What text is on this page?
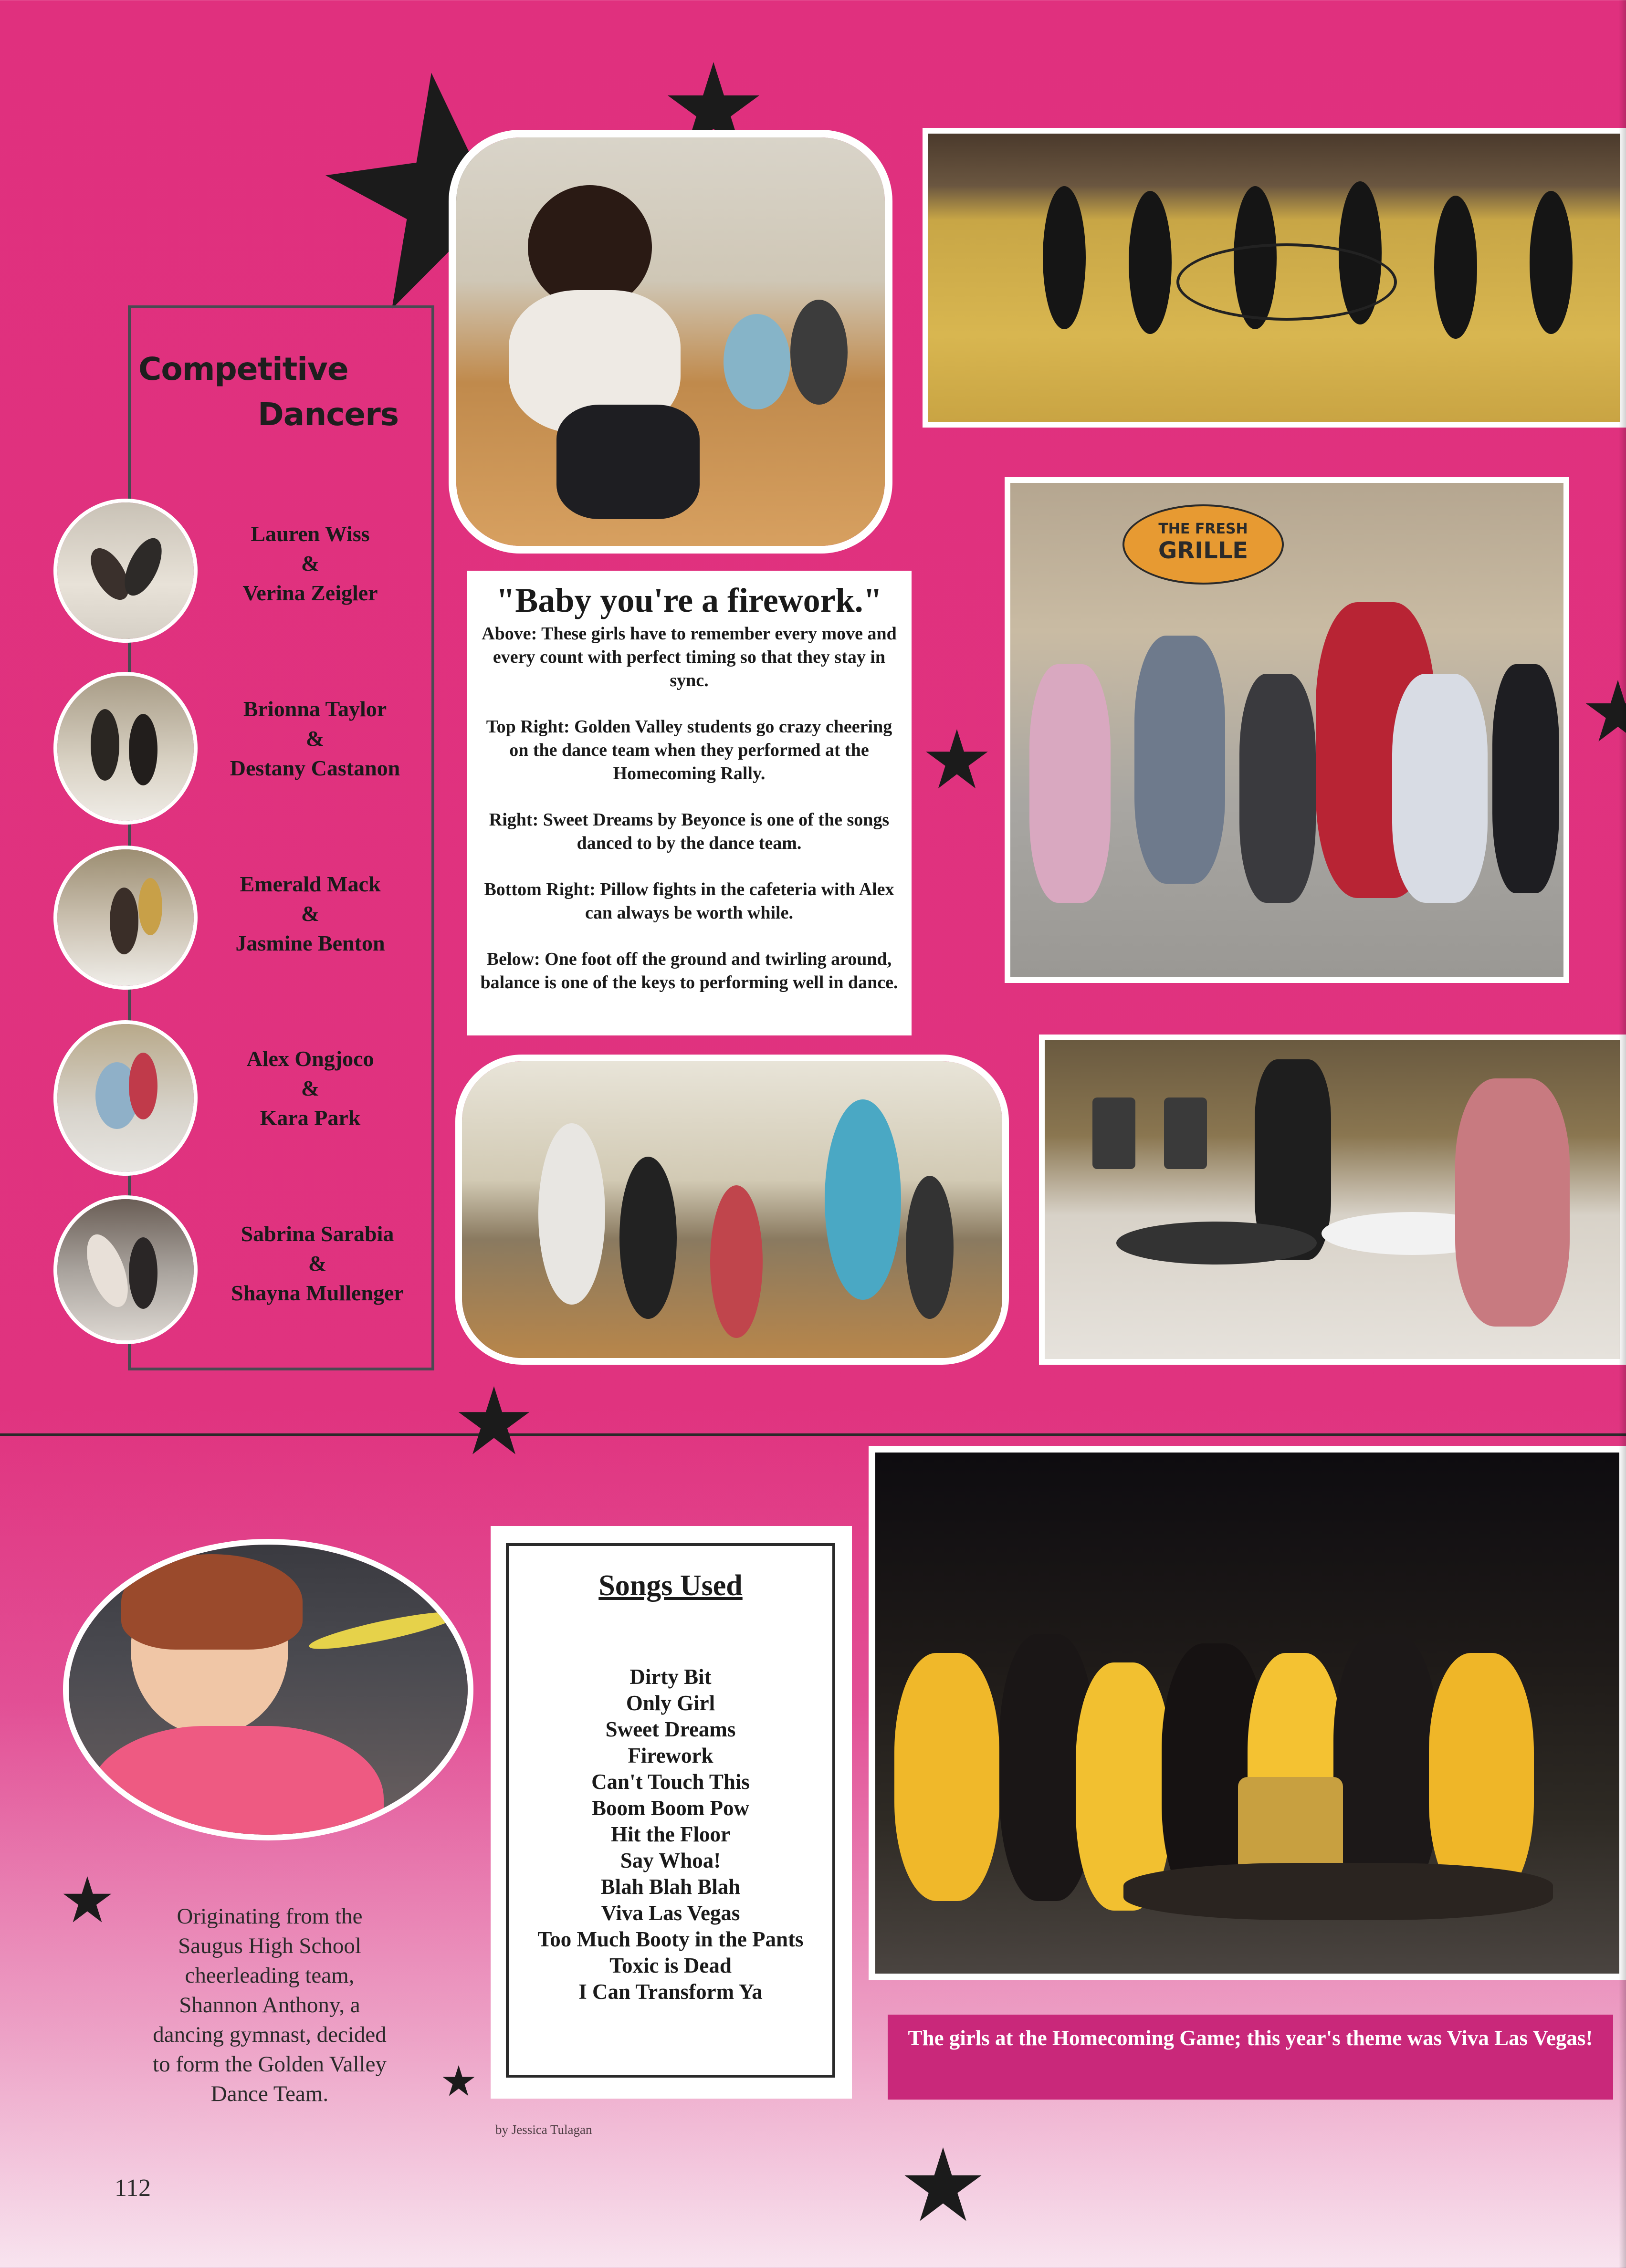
Competitive
Dancers
Lauren Wiss
&
Verina Zeigler
Brionna Taylor
&
Destany Castanon
Emerald Mack
&
Jasmine Benton
Alex Ongjoco
&
Kara Park
Sabrina Sarabia
&
Shayna Mullenger
"Baby you're a firework."
Above: These girls have to remember every move and every count with perfect timing so that they stay in sync.
Top Right: Golden Valley students go crazy cheering on the dance team when they performed at the Homecoming Rally.
Right: Sweet Dreams by Beyonce is one of the songs danced to by the dance team.
Bottom Right: Pillow fights in the cafeteria with Alex can always be worth while.
Below: One foot off the ground and twirling around, balance is one of the keys to performing well in dance.
THE FRESH
GRILLE
Originating from the Saugus High School cheerleading team, Shannon Anthony, a dancing gymnast, decided to form the Golden Valley Dance Team.
Songs Used
Dirty Bit
Only Girl
Sweet Dreams
Firework
Can't Touch This
Boom Boom Pow
Hit the Floor
Say Whoa!
Blah Blah Blah
Viva Las Vegas
Too Much Booty in the Pants
Toxic is Dead
I Can Transform Ya
by Jessica Tulagan
The girls at the Homecoming Game; this year's theme was Viva Las Vegas!
112
